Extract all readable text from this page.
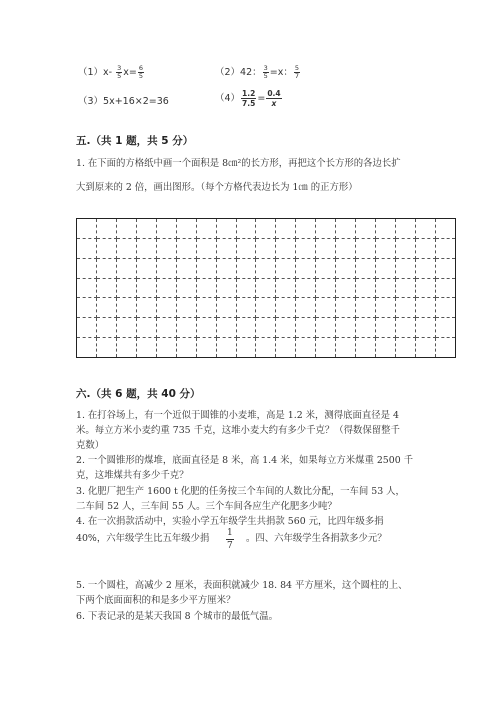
$(1)x- \frac{3}{5} x= \frac{6}{5}$	（2）42： $\frac{3}{5} =x$： $\frac{5}{7}$
（3）5x+16×2=36	$(4) \frac{1.2}{7.5} = \frac{0.4}{x}$
五.（共 1 题，共 5 分）
1. 在下面的方格纸中画一个面积是 8㎝²的长方形，再把这个长方形的各边长扩
大到原来的 2 倍，画出图形。（每个方格代表边长为 1㎝ 的正方形）

六.（共 6 题，共 40 分）
1. 在打谷场上，有一个近似于圆锥的小麦堆，高是 1.2 米，测得底面直径是 4
米。每立方米小麦约重 735 千克，这堆小麦大约有多少千克？（得数保留整千
克数）
2. 一个圆锥形的煤堆，底面直径是 8 米，高 1.4 米，如果每立方米煤重 2500 千
克，这堆煤共有多少千克？
3. 化肥厂把生产 1600 t 化肥的任务按三个车间的人数比分配，一车间 53 人，
二车间 52 人，三车间 55 人。三个车间各应生产化肥多少吨？
4. 在一次捐款活动中，实验小学五年级学生共捐款 560 元，比四年级多捐
40%，六年级学生比五年级少捐 $\frac{1}{7}$ 。四、六年级学生各捐款多少元？
5. 一个圆柱，高减少 2 厘米，表面积就减少 18. 84 平方厘米，这个圆柱的上、
下两个底面面积的和是多少平方厘米？
6. 下表记录的是某天我国 8 个城市的最低气温。
